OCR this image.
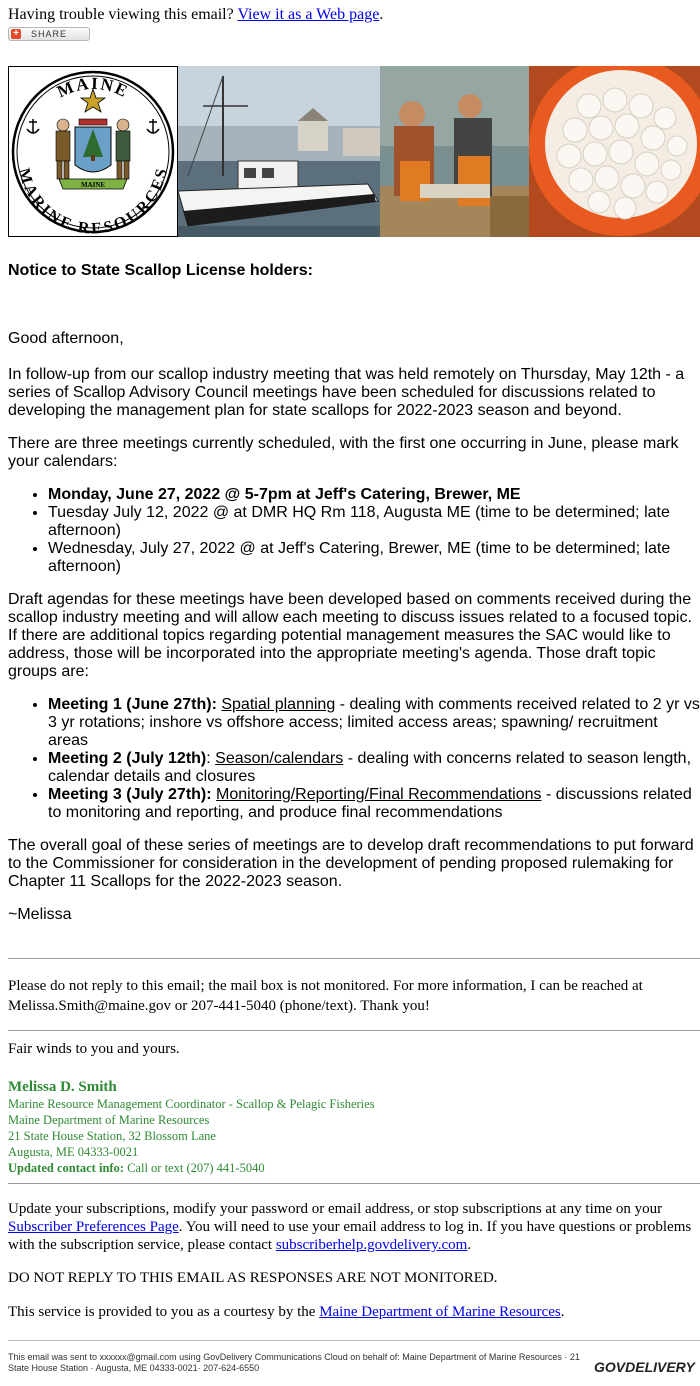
Having trouble viewing this email? View it as a Web page.
+ SHARE
MAINE
MARINE RESOURCES
MAINE

Notice to State Scallop License holders:

Good afternoon,

In follow-up from our scallop industry meeting that was held remotely on Thursday, May 12th - a series of Scallop Advisory Council meetings have been scheduled for discussions related to developing the management plan for state scallops for 2022-2023 season and beyond.

There are three meetings currently scheduled, with the first one occurring in June, please mark your calendars:

• Monday, June 27, 2022 @ 5-7pm at Jeff's Catering, Brewer, ME
• Tuesday July 12, 2022 @ at DMR HQ Rm 118, Augusta ME (time to be determined; late afternoon)
• Wednesday, July 27, 2022 @ at Jeff's Catering, Brewer, ME (time to be determined; late afternoon)

Draft agendas for these meetings have been developed based on comments received during the scallop industry meeting and will allow each meeting to discuss issues related to a focused topic. If there are additional topics regarding potential management measures the SAC would like to address, those will be incorporated into the appropriate meeting's agenda. Those draft topic groups are:

• Meeting 1 (June 27th): Spatial planning - dealing with comments received related to 2 yr vs 3 yr rotations; inshore vs offshore access; limited access areas; spawning/ recruitment areas
• Meeting 2 (July 12th): Season/calendars - dealing with concerns related to season length, calendar details and closures
• Meeting 3 (July 27th): Monitoring/Reporting/Final Recommendations - discussions related to monitoring and reporting, and produce final recommendations

The overall goal of these series of meetings are to develop draft recommendations to put forward to the Commissioner for consideration in the development of pending proposed rulemaking for Chapter 11 Scallops for the 2022-2023 season.

~Melissa

Please do not reply to this email; the mail box is not monitored. For more information, I can be reached at Melissa.Smith@maine.gov or 207-441-5040 (phone/text). Thank you!
Fair winds to you and yours.
Melissa D. Smith
Marine Resource Management Coordinator - Scallop & Pelagic Fisheries
Maine Department of Marine Resources
21 State House Station, 32 Blossom Lane
Augusta, ME 04333-0021
Updated contact info: Call or text (207) 441-5040
Update your subscriptions, modify your password or email address, or stop subscriptions at any time on your Subscriber Preferences Page. You will need to use your email address to log in. If you have questions or problems with the subscription service, please contact subscriberhelp.govdelivery.com.
DO NOT REPLY TO THIS EMAIL AS RESPONSES ARE NOT MONITORED.
This service is provided to you as a courtesy by the Maine Department of Marine Resources.
This email was sent to xxxxxx@gmail.com using GovDelivery Communications Cloud on behalf of: Maine Department of Marine Resources · 21 State House Station · Augusta, ME 04333-0021· 207-624-6550	GOVDELIVERY
